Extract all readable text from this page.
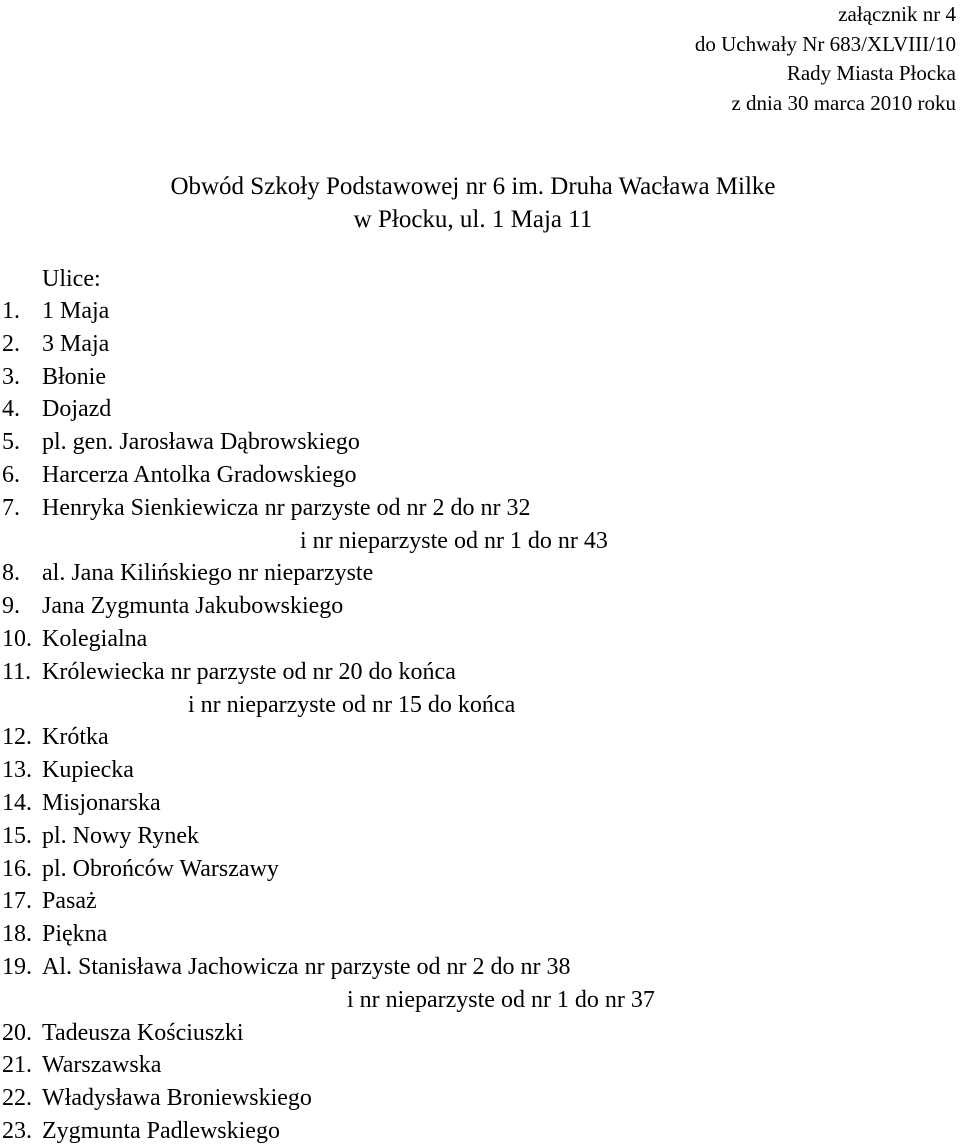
załącznik nr 4
do Uchwały Nr 683/XLVIII/10
Rady Miasta Płocka
z dnia 30 marca 2010 roku
Obwód Szkoły Podstawowej nr 6 im. Druha Wacława Milke
w Płocku, ul. 1 Maja 11
Ulice:
1. 1 Maja
2. 3 Maja
3. Błonie
4. Dojazd
5. pl. gen. Jarosława Dąbrowskiego
6. Harcerza Antolka Gradowskiego
7. Henryka Sienkiewicza nr parzyste od nr 2 do nr 32
i nr nieparzyste od nr 1 do nr 43
8. al. Jana Kilińskiego nr nieparzyste
9. Jana Zygmunta Jakubowskiego
10. Kolegialna
11. Królewiecka nr parzyste od nr 20 do końca
i nr nieparzyste od nr 15 do końca
12. Krótka
13. Kupiecka
14. Misjonarska
15. pl. Nowy Rynek
16. pl. Obrońców Warszawy
17. Pasaż
18. Piękna
19. Al. Stanisława Jachowicza nr parzyste od nr 2 do nr 38
i nr nieparzyste od nr 1 do nr 37
20. Tadeusza Kościuszki
21. Warszawska
22. Władysława Broniewskiego
23. Zygmunta Padlewskiego
